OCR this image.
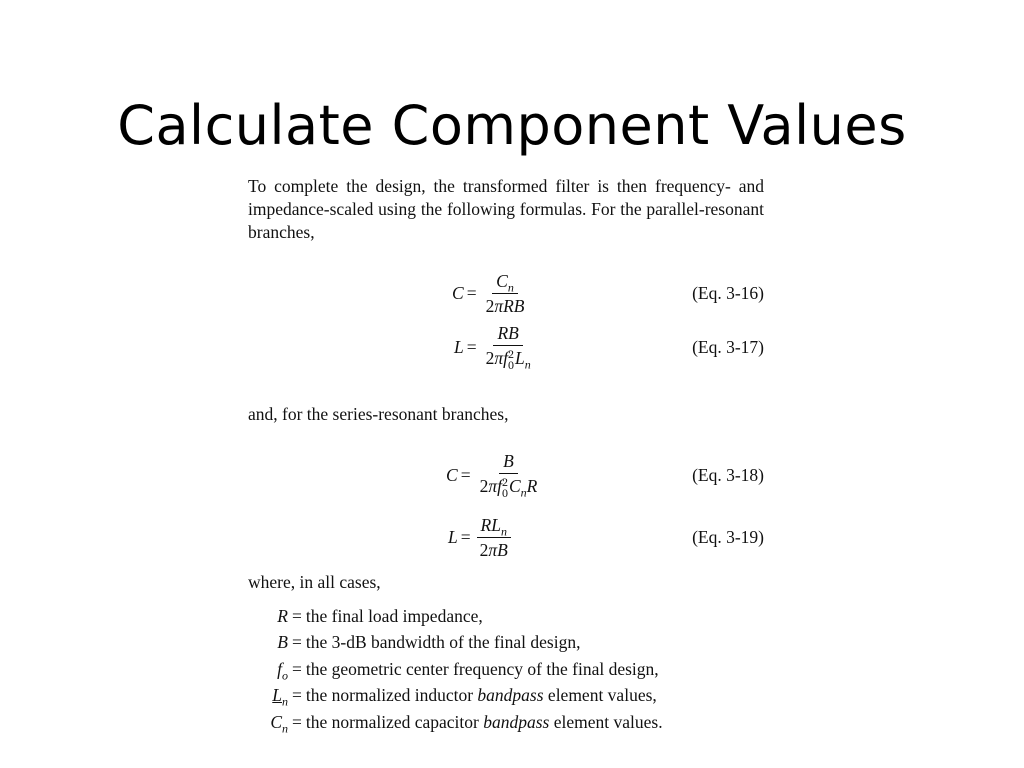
Calculate Component Values

To complete the design, the transformed filter is then frequency- and impedance-scaled using the following formulas. For the parallel-resonant branches,

$C = \frac{C_n}{\text{2πRB}}$	(Eq. 3-16)
L = RB
2πf 2
0 $L_n$	(Eq. 3-17)

and, for the series-resonant branches,

C = B
2πf 2
0 $C_nR$	(Eq. 3-18)
$L = \frac{RL_n}{2\pi B}$	(Eq. 3-19)

where, in all cases,

R = the final load impedance,
B = the 3-dB bandwidth of the final design,
$f_o$ = the geometric center frequency of the final design,
$L_n$ = the normalized inductor bandpass element values,
$C_n$ = the normalized capacitor bandpass element values.
